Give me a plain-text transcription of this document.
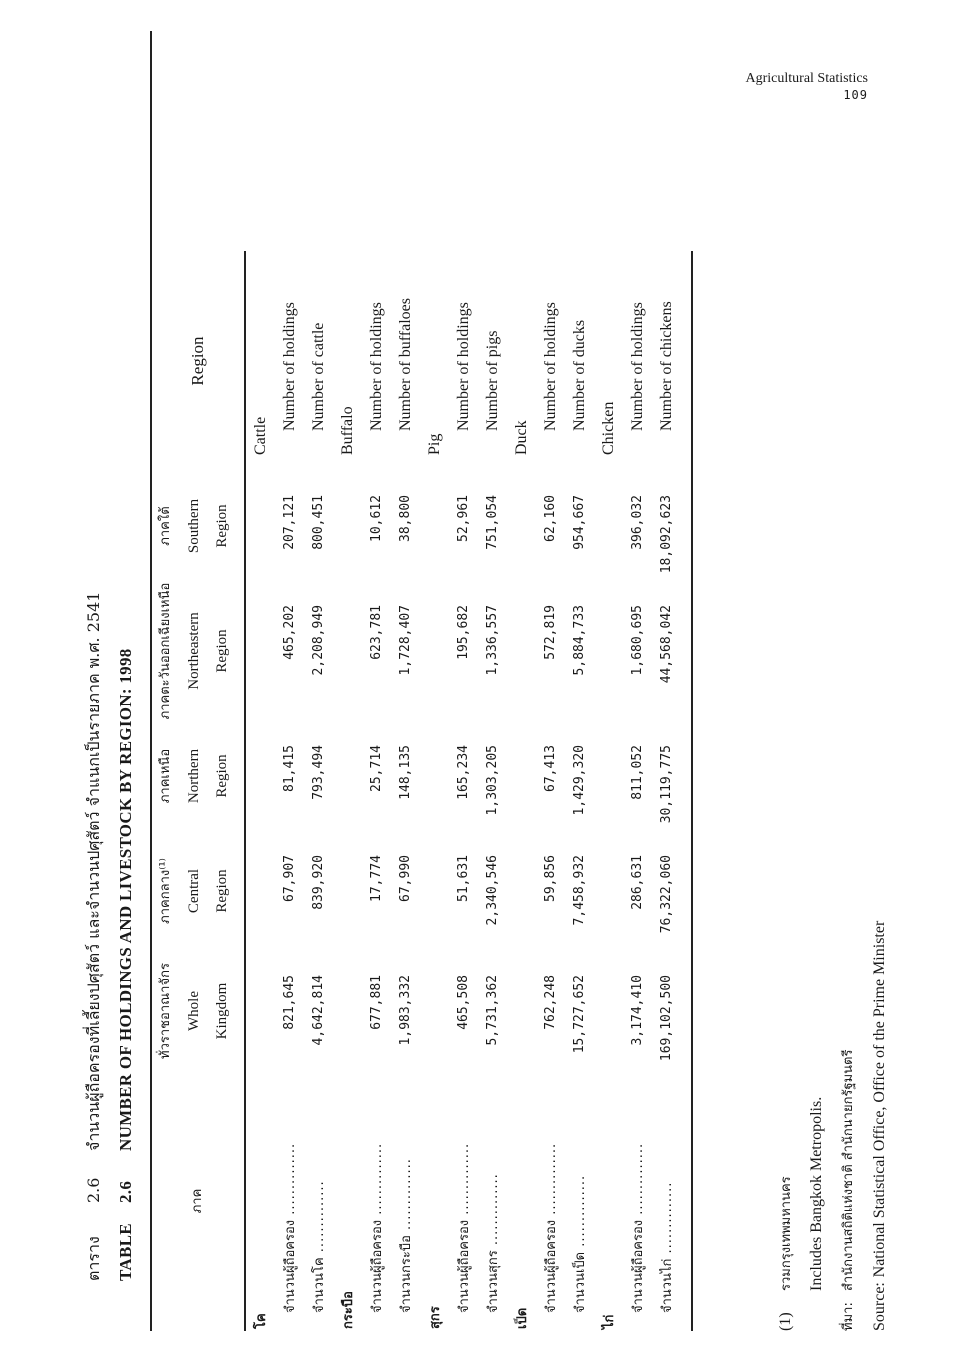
Agricultural Statistics
109
ตาราง2.6จำนวนผู้ถือครองที่เลี้ยงปศุสัตว์ และจำนวนปศุสัตว์ จำแนกเป็นรายภาค พ.ศ. 2541
TABLE2.6NUMBER OF HOLDINGS AND LIVESTOCK BY REGION: 1998
ภาค	ทั่วราชอาณาจักร	ภาคกลาง⁽¹⁾	ภาคเหนือ	ภาคตะวันออกเฉียงเหนือ	ภาคใต้	Region
	Whole	Central	Northern	Northeastern	Southern	
	Kingdom	Region	Region	Region	Region	

โค						Cattle
จำนวนผู้ถือครอง ..............	821,645	67,907	81,415	465,202	207,121	Number of holdings
จำนวนโค ..............	4,642,814	839,920	793,494	2,208,949	800,451	Number of cattle
กระบือ						Buffalo
จำนวนผู้ถือครอง ..............	677,881	17,774	25,714	623,781	10,612	Number of holdings
จำนวนกระบือ ..............	1,983,332	67,990	148,135	1,728,407	38,800	Number of buffaloes
สุกร						Pig
จำนวนผู้ถือครอง ..............	465,508	51,631	165,234	195,682	52,961	Number of holdings
จำนวนสุกร ..............	5,731,362	2,340,546	1,303,205	1,336,557	751,054	Number of pigs
เป็ด						Duck
จำนวนผู้ถือครอง ..............	762,248	59,856	67,413	572,819	62,160	Number of holdings
จำนวนเป็ด ..............	15,727,652	7,458,932	1,429,320	5,884,733	954,667	Number of ducks
ไก่						Chicken
จำนวนผู้ถือครอง ..............	3,174,410	286,631	811,052	1,680,695	396,032	Number of holdings
จำนวนไก่ ..............	169,102,500	76,322,060	30,119,775	44,568,042	18,092,623	Number of chickens
(1)รวมกรุงเทพมหานคร Includes Bangkok Metropolis.
ที่มา:สำนักงานสถิติแห่งชาติ สำนักนายกรัฐมนตรี
Source: National Statistical Office, Office of the Prime Minister
